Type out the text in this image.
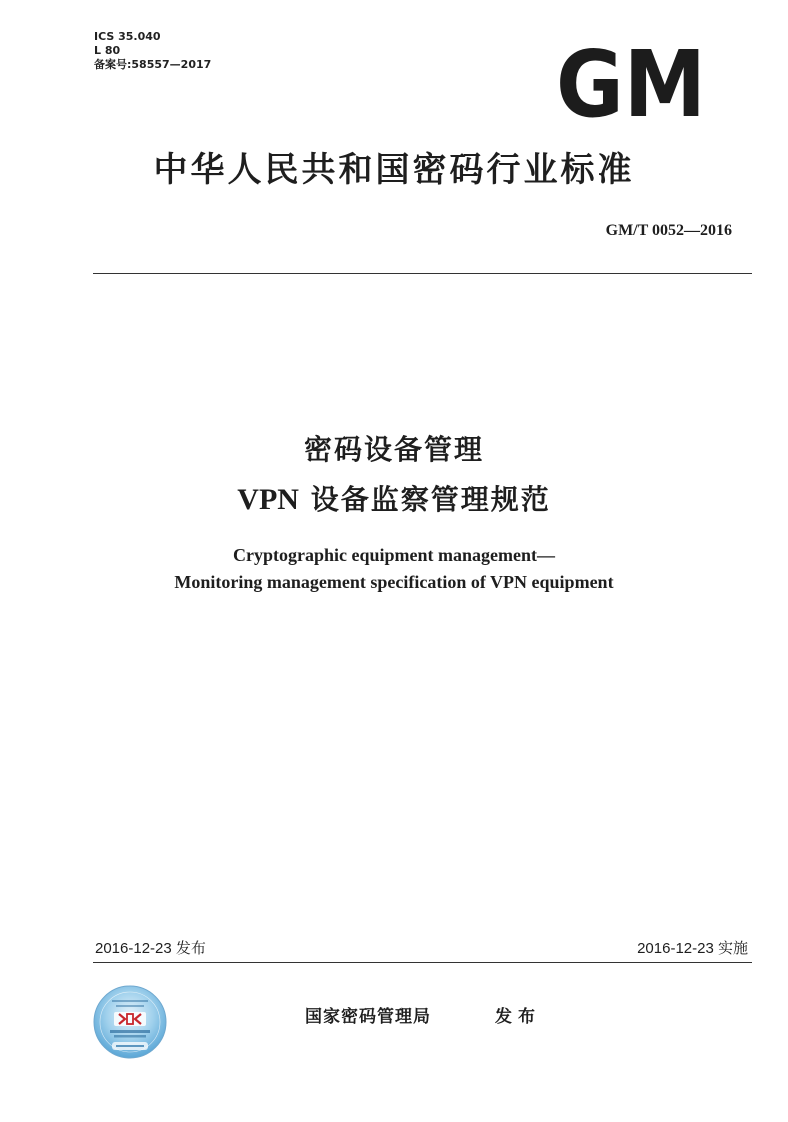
ICS 35.040
L 80
备案号:58557—2017	GM
中华人民共和国密码行业标准
GM/T 0052—2016
密码设备管理
VPN 设备监察管理规范
Cryptographic equipment management—
Monitoring management specification of VPN equipment
2016-12-23 发布	2016-12-23 实施
国家密码管理局	发布
